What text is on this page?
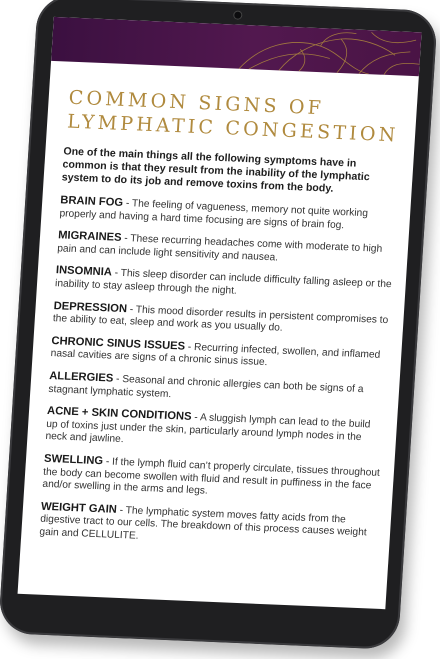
COMMON SIGNS OF
LYMPHATIC CONGESTION

One of the main things all the following symptoms have in common is that they result from the inability of the lymphatic system to do its job and remove toxins from the body.

BRAIN FOG - The feeling of vagueness, memory not quite working properly and having a hard time focusing are signs of brain fog.

MIGRAINES - These recurring headaches come with moderate to high pain and can include light sensitivity and nausea.

INSOMNIA - This sleep disorder can include difficulty falling asleep or the inability to stay asleep through the night.

DEPRESSION - This mood disorder results in persistent compromises to the ability to eat, sleep and work as you usually do.

CHRONIC SINUS ISSUES - Recurring infected, swollen, and inflamed nasal cavities are signs of a chronic sinus issue.

ALLERGIES - Seasonal and chronic allergies can both be signs of a stagnant lymphatic system.

ACNE + SKIN CONDITIONS - A sluggish lymph can lead to the build up of toxins just under the skin, particularly around lymph nodes in the neck and jawline.

SWELLING - If the lymph fluid can’t properly circulate, tissues throughout the body can become swollen with fluid and result in puffiness in the face and/or swelling in the arms and legs.

WEIGHT GAIN - The lymphatic system moves fatty acids from the digestive tract to our cells. The breakdown of this process causes weight gain and CELLULITE.
